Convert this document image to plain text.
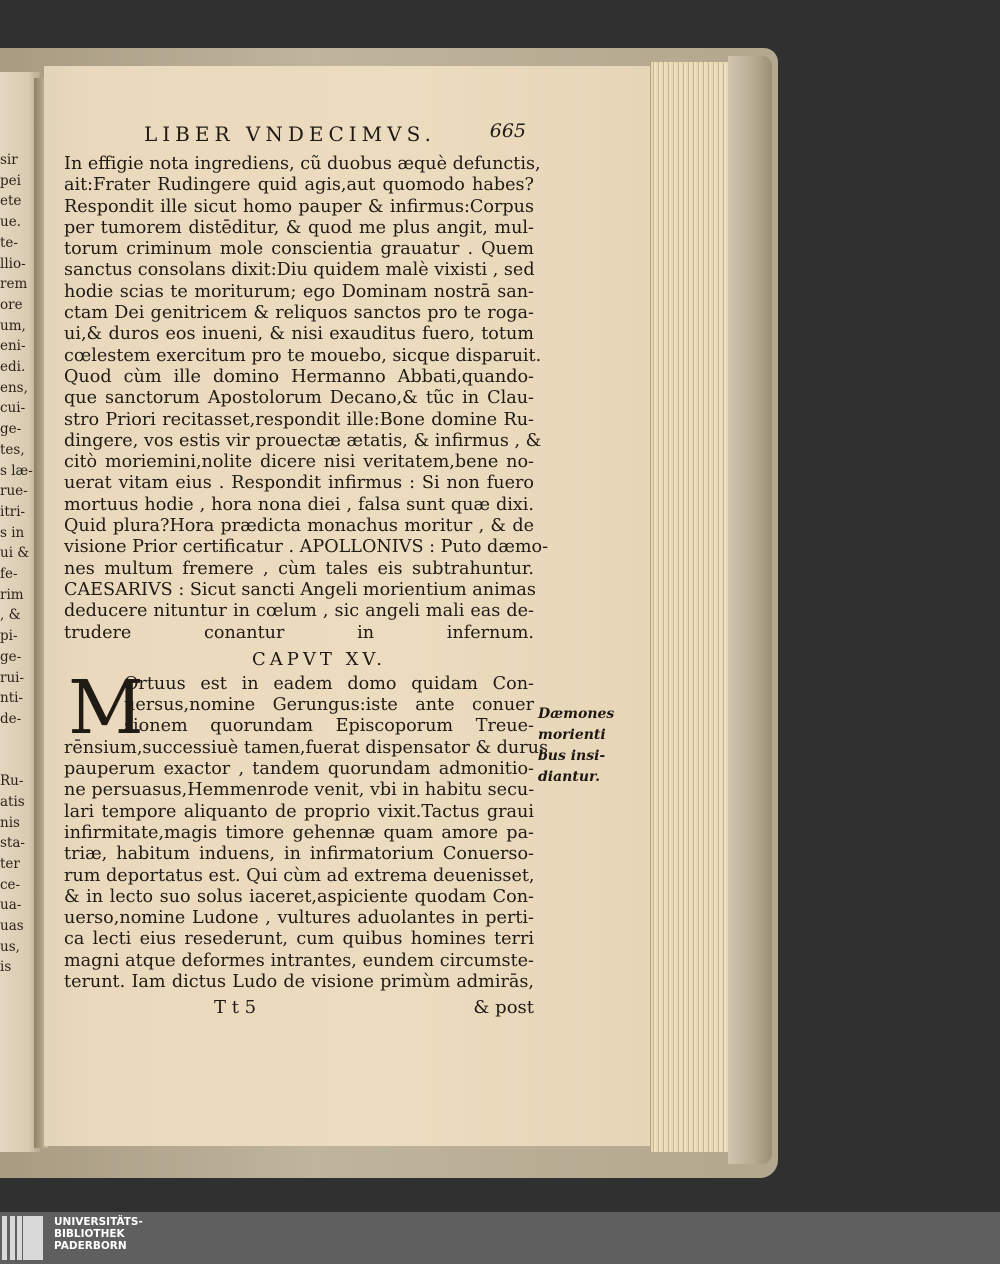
sir
pei
ete
ue.
te-
llio-
rem
ore
um,
eni-
edi.
ens,
cui-
ge-
tes,
s læ-
rue-
itri-
s in
ui &
fe-
rim
, &
pi-
ge-
rui-
nti-
de-

Ru-
atis
nis
sta-
ter
ce-
ua-
uas
us,
is
LIBER VNDECIMVS.	665
In effigie nota ingrediens, cũ duobus æquè defunctis,
ait:Frater Rudingere quid agis,aut quomodo habes?
Respondit ille sicut homo pauper & infirmus:Corpus
per tumorem distēditur, & quod me plus angit, mul-
torum criminum mole conscientia grauatur . Quem
sanctus consolans dixit:Diu quidem malè vixisti , sed
hodie scias te moriturum; ego Dominam nostrā san-
ctam Dei genitricem & reliquos sanctos pro te roga-
ui,& duros eos inueni, & nisi exauditus fuero, totum
cœlestem exercitum pro te mouebo, sicque disparuit.
Quod cùm ille domino Hermanno Abbati,quando-
que sanctorum Apostolorum Decano,& tũc in Clau-
stro Priori recitasset,respondit ille:Bone domine Ru-
dingere, vos estis vir prouectæ ætatis, & infirmus , &
citò moriemini,nolite dicere nisi veritatem,bene no-
uerat vitam eius . Respondit infirmus : Si non fuero
mortuus hodie , hora nona diei , falsa sunt quæ dixi.
Quid plura?Hora prædicta monachus moritur , & de
visione Prior certificatur . APOLLONIVS : Puto dæmo-
nes multum fremere , cùm tales eis subtrahuntur.
CAESARIVS : Sicut sancti Angeli morientium animas
deducere nituntur in cœlum , sic angeli mali eas de-
trudere conantur in infernum.
CAPVT XV.
M
Ortuus est in eadem domo quidam Con-
uersus,nomine Gerungus:iste ante conuer
sionem quorundam Episcoporum Treue-
rēnsium,successiuè tamen,fuerat dispensator & durus
pauperum exactor , tandem quorundam admonitio-
ne persuasus,Hemmenrode venit, vbi in habitu secu-
lari tempore aliquanto de proprio vixit.Tactus graui
infirmitate,magis timore gehennæ quam amore pa-
triæ, habitum induens, in infirmatorium Conuerso-
rum deportatus est. Qui cùm ad extrema deuenisset,
& in lecto suo solus iaceret,aspiciente quodam Con-
uerso,nomine Ludone , vultures aduolantes in perti-
ca lecti eius resederunt, cum quibus homines terri
magni atque deformes intrantes, eundem circumste-
terunt. Iam dictus Ludo de visione primùm admirās,
T t 5	& post
Dæmones
morienti
bus insi-
diantur.
UNIVERSITÄTS-
BIBLIOTHEK
PADERBORN
